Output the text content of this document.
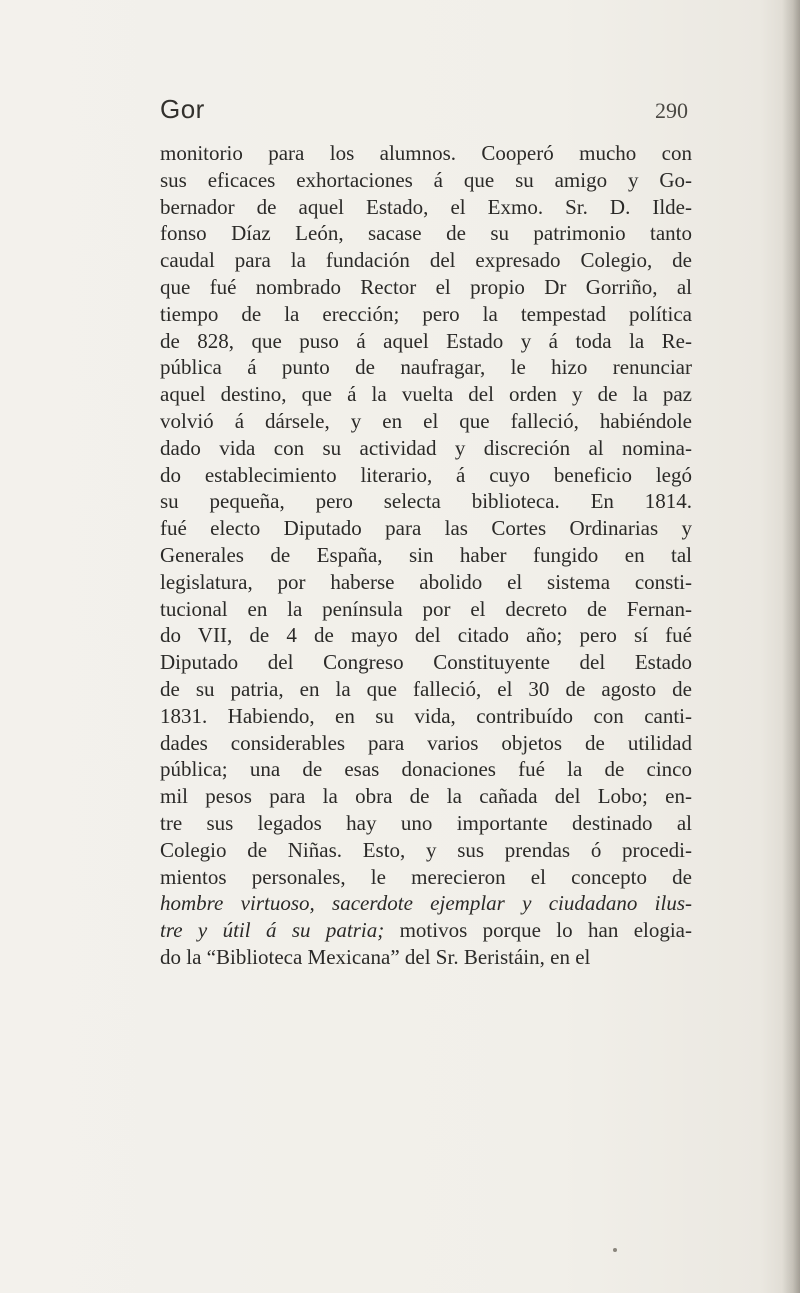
Gor	290
monitorio para los alumnos. Cooperó mucho con
sus eficaces exhortaciones á que su amigo y Go-
bernador de aquel Estado, el Exmo. Sr. D. Ilde-
fonso Díaz León, sacase de su patrimonio tanto
caudal para la fundación del expresado Colegio, de
que fué nombrado Rector el propio Dr Gorriño, al
tiempo de la erección; pero la tempestad política
de 828, que puso á aquel Estado y á toda la Re-
pública á punto de naufragar, le hizo renunciar
aquel destino, que á la vuelta del orden y de la paz
volvió á dársele, y en el que falleció, habiéndole
dado vida con su actividad y discreción al nomina-
do establecimiento literario, á cuyo beneficio legó
su pequeña, pero selecta biblioteca. En 1814.
fué electo Diputado para las Cortes Ordinarias y
Generales de España, sin haber fungido en tal
legislatura, por haberse abolido el sistema consti-
tucional en la península por el decreto de Fernan-
do VII, de 4 de mayo del citado año; pero sí fué
Diputado del Congreso Constituyente del Estado
de su patria, en la que falleció, el 30 de agosto de
1831. Habiendo, en su vida, contribuído con canti-
dades considerables para varios objetos de utilidad
pública; una de esas donaciones fué la de cinco
mil pesos para la obra de la cañada del Lobo; en-
tre sus legados hay uno importante destinado al
Colegio de Niñas. Esto, y sus prendas ó procedi-
mientos personales, le merecieron el concepto de
hombre virtuoso, sacerdote ejemplar y ciudadano ilus-
tre y útil á su patria; motivos porque lo han elogia-
do la “Biblioteca Mexicana” del Sr. Beristáin, en el
